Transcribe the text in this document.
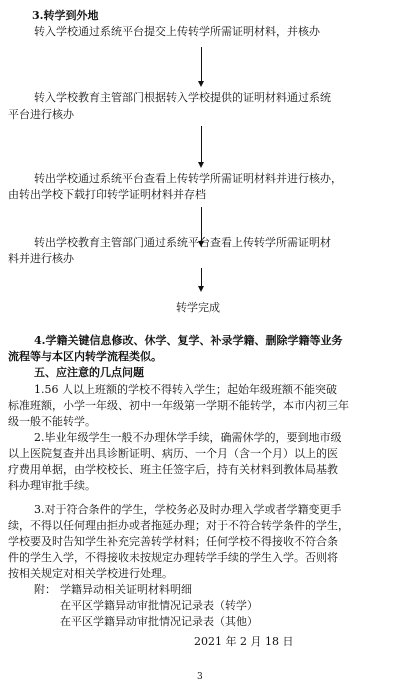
3.转学到外地
转入学校通过系统平台提交上传转学所需证明材料，并核办
转入学校教育主管部门根据转入学校提供的证明材料通过系统
平台进行核办
转出学校通过系统平台查看上传转学所需证明材料并进行核办，
由转出学校下载打印转学证明材料并存档
转出学校教育主管部门通过系统平台查看上传转学所需证明材
料并进行核办
转学完成
4.学籍关键信息修改、休学、复学、补录学籍、删除学籍等业务
流程等与本区内转学流程类似。
五、应注意的几点问题
1.56 人以上班额的学校不得转入学生；起始年级班额不能突破
标准班额，小学一年级、初中一年级第一学期不能转学，本市内初三年
级一般不能转学。
2.毕业年级学生一般不办理休学手续，确需休学的，要到地市级
以上医院复查并出具诊断证明、病历、一个月（含一个月）以上的医
疗费用单据，由学校校长、班主任签字后，持有关材料到教体局基教
科办理审批手续。
3.对于符合条件的学生，学校务必及时办理入学或者学籍变更手
续，不得以任何理由拒办或者拖延办理；对于不符合转学条件的学生，
学校要及时告知学生补充完善转学材料；任何学校不得接收不符合条
件的学生入学，不得接收未按规定办理转学手续的学生入学。否则将
按相关规定对相关学校进行处理。
附： 学籍异动相关证明材料明细
在平区学籍异动审批情况记录表（转学）
在平区学籍异动审批情况记录表（其他）
2021 年 2 月 18 日
3
